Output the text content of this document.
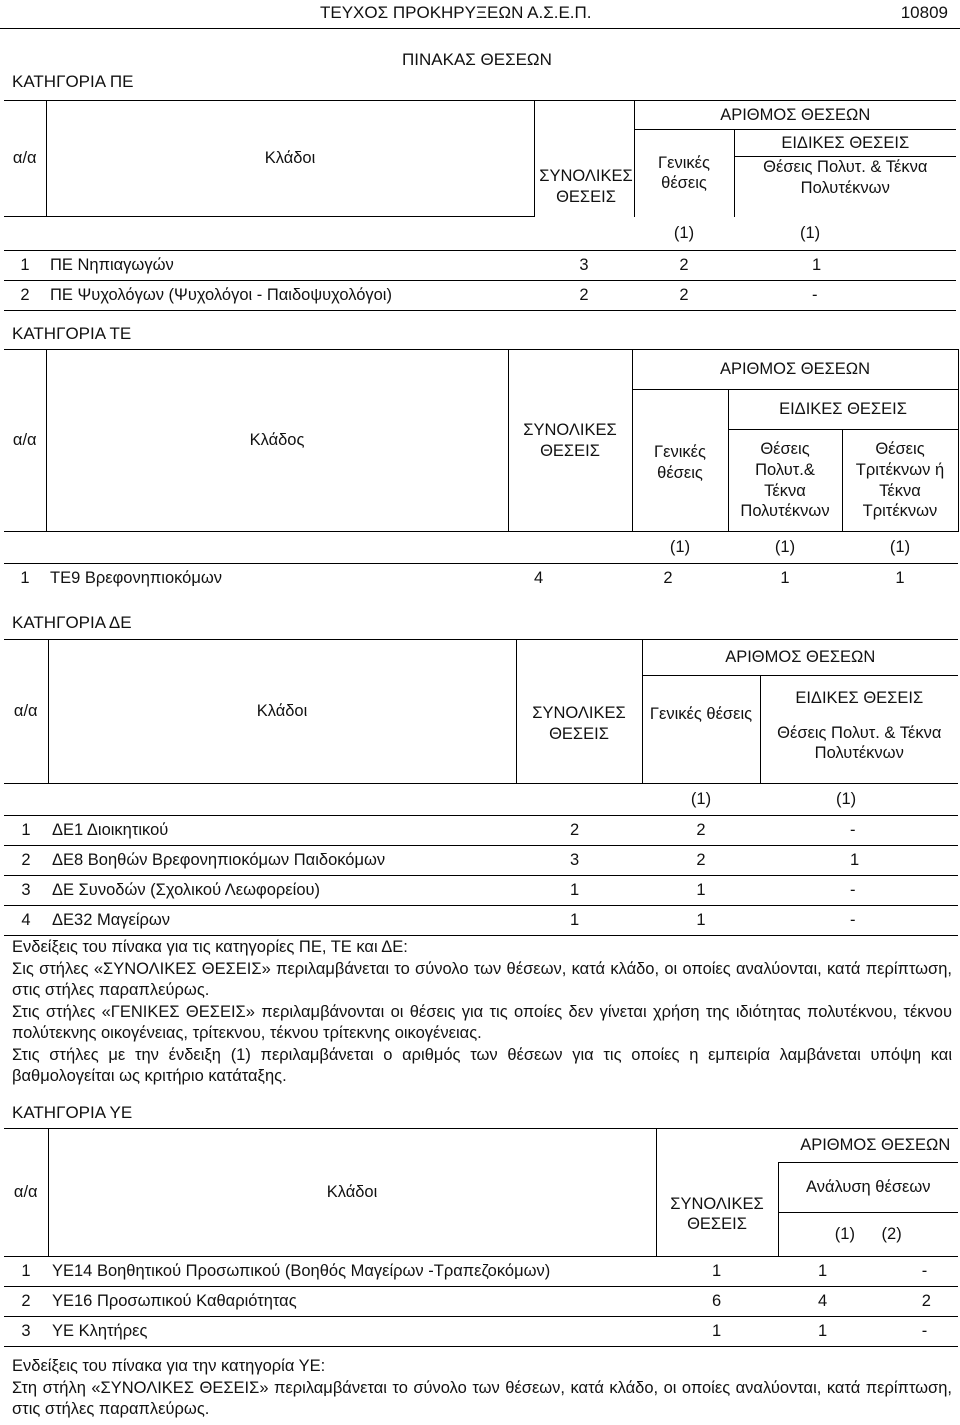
ΤΕΥΧΟΣ ΠΡΟΚΗΡΥΞΕΩΝ Α.Σ.Ε.Π.	10809
ΚΑΤΗΓΟΡΙΑ ΠΕ
ΠΙΝΑΚΑΣ ΘΕΣΕΩΝ
α/α	Κλάδοι		ΑΡΙΘΜΟΣ ΘΕΣΕΩΝ	
			Γενικές θέσεις	ΕΙΔΙΚΕΣ ΘΕΣΕΙΣ
				Θέσεις Πολυτ. & Τέκνα Πολυτέκνων
			(1)	(1)
1	ΠΕ Νηπιαγωγών	3	2	1
2	ΠΕ Ψυχολόγων (Ψυχολόγοι - Παιδοψυχολόγοι)	2	2	-
ΚΑΤΗΓΟΡΙΑ ΤΕ
α/α	Κλάδος	ΣΥΝΟΛΙΚΕΣ ΘΕΣΕΙΣ	ΑΡΙΘΜΟΣ ΘΕΣΕΩΝ		
			Γενικές θέσεις	ΕΙΔΙΚΕΣ ΘΕΣΕΙΣ	
				Θέσεις Πολυτ.& Τέκνα Πολυτέκνων	Θέσεις Τριτέκνων ή Τέκνα Τριτέκνων
			(1)	(1)	(1)
1	ΤΕ9 Βρεφονηπιοκόμων	4	2	1	1
ΚΑΤΗΓΟΡΙΑ ΔΕ
α/α	Κλάδοι	ΣΥΝΟΛΙΚΕΣ ΘΕΣΕΙΣ	ΑΡΙΘΜΟΣ ΘΕΣΕΩΝ	
			Γενικές θέσεις	ΕΙΔΙΚΕΣ ΘΕΣΕΙΣ
Θέσεις Πολυτ. & Τέκνα Πολυτέκνων

			(1)	(1)
1	ΔΕ1 Διοικητικού	2	2	-
2	ΔΕ8 Βοηθών Βρεφονηπιοκόμων Παιδοκόμων	3	2	1
3	ΔΕ Συνοδών (Σχολικού Λεωφορείου)	1	1	-
4	ΔΕ32 Μαγείρων	1	1	-

Ενδείξεις του πίνακα για τις κατηγορίες ΠΕ, ΤΕ και ΔΕ:

Σις στήλες «ΣΥΝΟΛΙΚΕΣ ΘΕΣΕΙΣ» περιλαμβάνεται το σύνολο των θέσεων, κατά κλάδο, οι οποίες αναλύονται, κατά περίπτωση, στις στήλες παραπλεύρως.

Στις στήλες «ΓΕΝΙΚΕΣ ΘΕΣΕΙΣ» περιλαμβάνονται οι θέσεις για τις οποίες δεν γίνεται χρήση της ιδιότητας πολυτέκνου, τέκνου πολύτεκνης οικογένειας, τρίτεκνου, τέκνου τρίτεκνης οικογένειας.

Στις στήλες με την ένδειξη (1) περιλαμβάνεται ο αριθμός των θέσεων για τις οποίες η εμπειρία λαμβάνεται υπόψη και βαθμολογείται ως κριτήριο κατάταξης.

ΚΑΤΗΓΟΡΙΑ ΥΕ
α/α	Κλάδοι	ΑΡΙΘΜΟΣ ΘΕΣΕΩΝ	
		ΣΥΝΟΛΙΚΕΣ ΘΕΣΕΙΣ	Ανάλυση θέσεων
			(1) (2)
1	ΥΕ14 Βοηθητικού Προσωπικού (Βοηθός Μαγείρων -Τραπεζοκόμων)	1	1 -
2	ΥΕ16 Προσωπικού Καθαριότητας	6	4 2
3	ΥΕ Κλητήρες	1	1 -

Ενδείξεις του πίνακα για την κατηγορία ΥΕ:

Στη στήλη «ΣΥΝΟΛΙΚΕΣ ΘΕΣΕΙΣ» περιλαμβάνεται το σύνολο των θέσεων, κατά κλάδο, οι οποίες αναλύονται, κατά περίπτωση, στις στήλες παραπλεύρως.

ΣΥΝΟΛΙΚΕΣ ΘΕΣΕΙΣ
